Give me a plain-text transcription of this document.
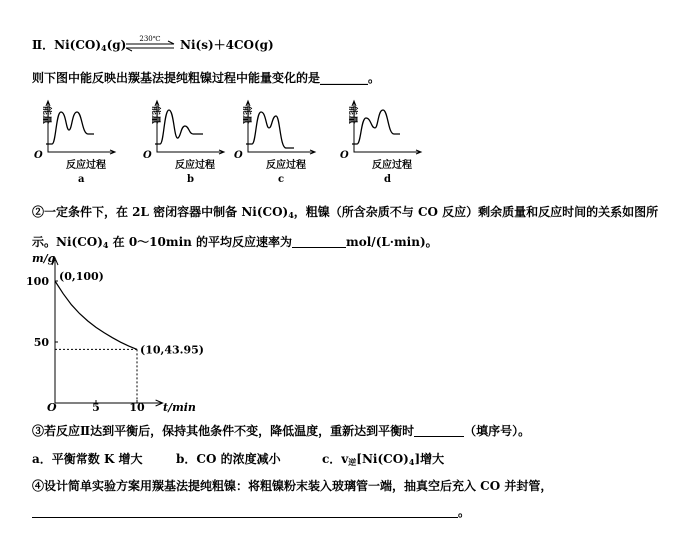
Ⅱ．$Ni(CO)_4(g)$ 230℃ Ni(s)＋4CO(g)
则下图中能反映出羰基法提纯粗镍过程中能量变化的是________。
能量
O
反应过程
a
能量
O
反应过程
b
能量
O
反应过程
c
能量
O
反应过程
d
②一定条件下，在 2L 密闭容器中制备 $Ni(CO)_4$，粗镍（所含杂质不与 CO 反应）剩余质量和反应时间的关系如图所
示。$Ni(CO)_4$ 在 0～10min 的平均反应速率为	mol/(L·min)。
m/g
t/min
O	5	10
50
100 (0,100)
(10,43.95)
③若反应Ⅱ达到平衡后，保持其他条件不变，降低温度，重新达到平衡时	（填序号）。
a．平衡常数 K 增大	b．CO 的浓度减小	c．$v_逆[Ni(CO)_4]$增大
④设计简单实验方案用羰基法提纯粗镍：将粗镍粉末装入玻璃管一端，抽真空后充入 CO 并封管，
。
